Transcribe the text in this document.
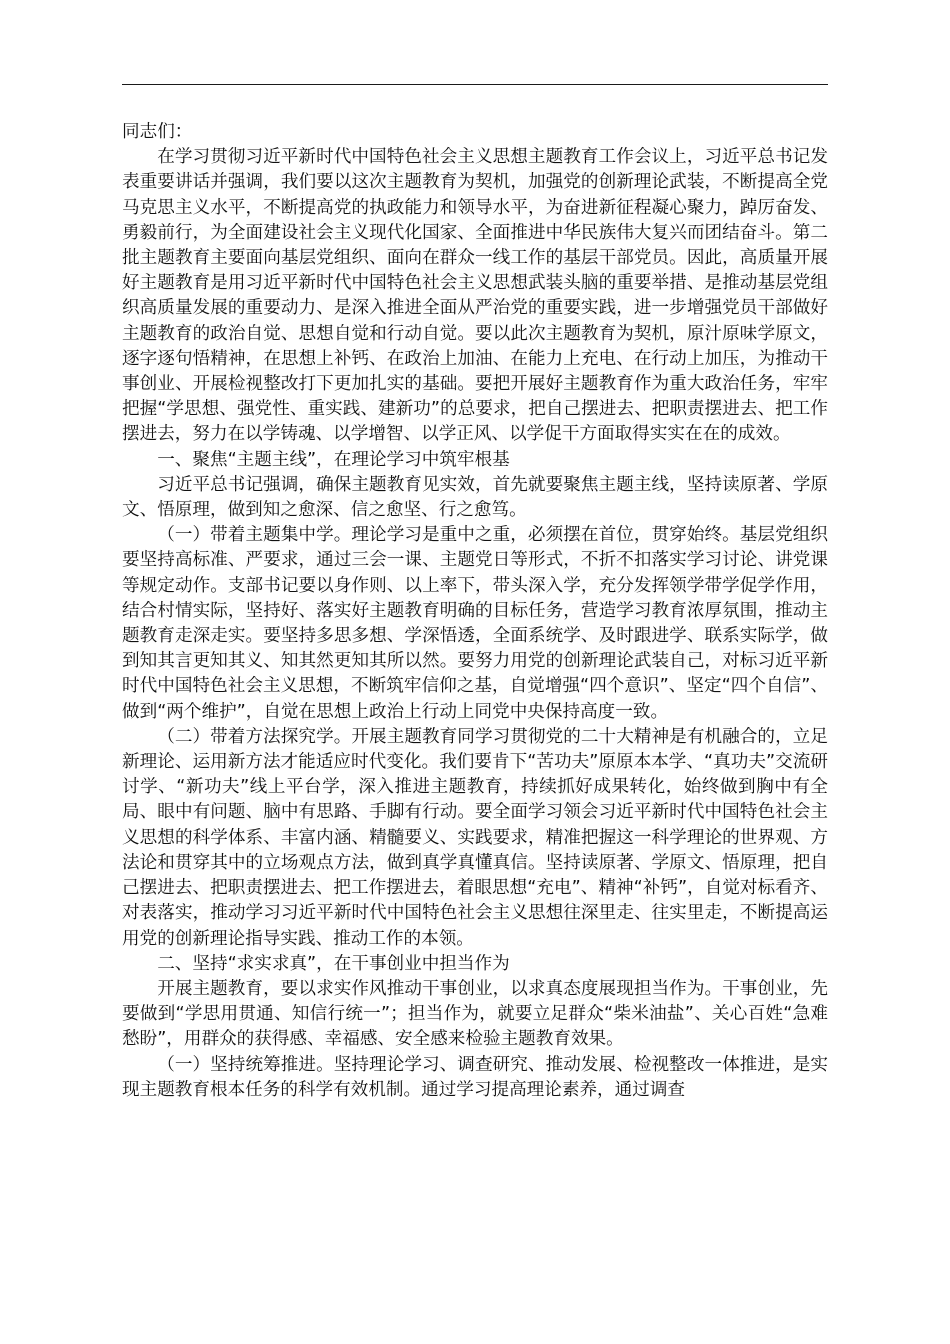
同志们：

在学习贯彻习近平新时代中国特色社会主义思想主题教育工作会议上，习近平总书记发表重要讲话并强调，我们要以这次主题教育为契机，加强党的创新理论武装，不断提高全党马克思主义水平，不断提高党的执政能力和领导水平，为奋进新征程凝心聚力，踔厉奋发、勇毅前行，为全面建设社会主义现代化国家、全面推进中华民族伟大复兴而团结奋斗。第二批主题教育主要面向基层党组织、面向在群众一线工作的基层干部党员。因此，高质量开展好主题教育是用习近平新时代中国特色社会主义思想武装头脑的重要举措、是推动基层党组织高质量发展的重要动力、是深入推进全面从严治党的重要实践，进一步增强党员干部做好主题教育的政治自觉、思想自觉和行动自觉。要以此次主题教育为契机，原汁原味学原文，逐字逐句悟精神，在思想上补钙、在政治上加油、在能力上充电、在行动上加压，为推动干事创业、开展检视整改打下更加扎实的基础。要把开展好主题教育作为重大政治任务，牢牢把握“学思想、强党性、重实践、建新功”的总要求，把自己摆进去、把职责摆进去、把工作摆进去，努力在以学铸魂、以学增智、以学正风、以学促干方面取得实实在在的成效。

一、聚焦“主题主线”，在理论学习中筑牢根基

习近平总书记强调，确保主题教育见实效，首先就要聚焦主题主线，坚持读原著、学原文、悟原理，做到知之愈深、信之愈坚、行之愈笃。

（一）带着主题集中学。理论学习是重中之重，必须摆在首位，贯穿始终。基层党组织要坚持高标准、严要求，通过三会一课、主题党日等形式，不折不扣落实学习讨论、讲党课等规定动作。支部书记要以身作则、以上率下，带头深入学，充分发挥领学带学促学作用，结合村情实际，坚持好、落实好主题教育明确的目标任务，营造学习教育浓厚氛围，推动主题教育走深走实。要坚持多思多想、学深悟透，全面系统学、及时跟进学、联系实际学，做到知其言更知其义、知其然更知其所以然。要努力用党的创新理论武装自己，对标习近平新时代中国特色社会主义思想，不断筑牢信仰之基，自觉增强“四个意识”、坚定“四个自信”、做到“两个维护”，自觉在思想上政治上行动上同党中央保持高度一致。

（二）带着方法探究学。开展主题教育同学习贯彻党的二十大精神是有机融合的，立足新理论、运用新方法才能适应时代变化。我们要肯下“苦功夫”原原本本学、“真功夫”交流研讨学、“新功夫”线上平台学，深入推进主题教育，持续抓好成果转化，始终做到胸中有全局、眼中有问题、脑中有思路、手脚有行动。要全面学习领会习近平新时代中国特色社会主义思想的科学体系、丰富内涵、精髓要义、实践要求，精准把握这一科学理论的世界观、方法论和贯穿其中的立场观点方法，做到真学真懂真信。坚持读原著、学原文、悟原理，把自己摆进去、把职责摆进去、把工作摆进去，着眼思想“充电”、精神“补钙”，自觉对标看齐、对表落实，推动学习习近平新时代中国特色社会主义思想往深里走、往实里走，不断提高运用党的创新理论指导实践、推动工作的本领。

二、坚持“求实求真”，在干事创业中担当作为

开展主题教育，要以求实作风推动干事创业，以求真态度展现担当作为。干事创业，先要做到“学思用贯通、知信行统一”；担当作为，就要立足群众“柴米油盐”、关心百姓“急难愁盼”，用群众的获得感、幸福感、安全感来检验主题教育效果。

（一）坚持统筹推进。坚持理论学习、调查研究、推动发展、检视整改一体推进，是实现主题教育根本任务的科学有效机制。通过学习提高理论素养，通过调查
